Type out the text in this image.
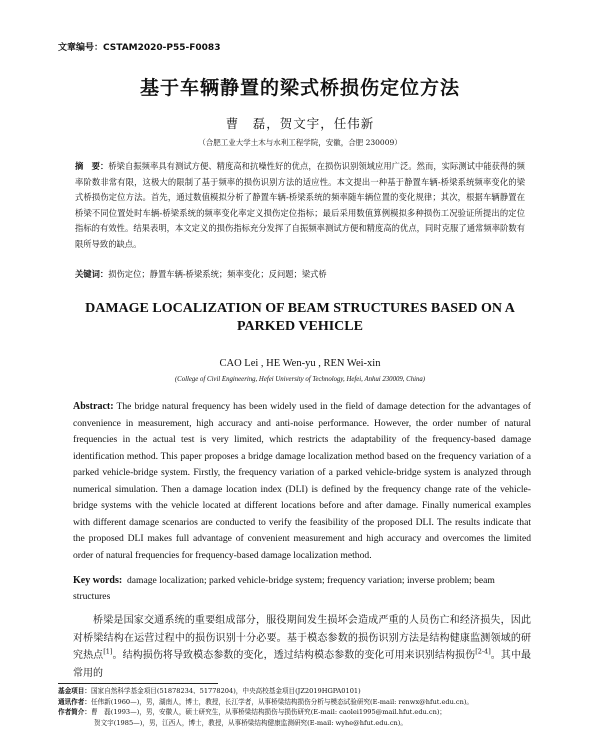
文章编号：CSTAM2020-P55-F0083
基于车辆静置的梁式桥损伤定位方法
曹　磊，贺文宇，任伟新
（合肥工业大学土木与水利工程学院，安徽，合肥 230009）
摘　要：桥梁自振频率具有测试方便、精度高和抗噪性好的优点，在损伤识别领域应用广泛。然而，实际测试中能获得的频率阶数非常有限，这极大的限制了基于频率的损伤识别方法的适应性。本文提出一种基于静置车辆-桥梁系统频率变化的梁式桥损伤定位方法。首先，通过数值模拟分析了静置车辆-桥梁系统的频率随车辆位置的变化规律；其次，根据车辆静置在桥梁不同位置处时车辆-桥梁系统的频率变化率定义损伤定位指标；最后采用数值算例模拟多种损伤工况验证所提出的定位指标的有效性。结果表明，本文定义的损伤指标充分发挥了自振频率测试方便和精度高的优点，同时克服了通常频率阶数有限所导致的缺点。
关键词：损伤定位；静置车辆-桥梁系统；频率变化；反问题；梁式桥
DAMAGE LOCALIZATION OF BEAM STRUCTURES BASED ON A PARKED VEHICLE
CAO Lei , HE Wen-yu , REN Wei-xin
(College of Civil Engineering, Hefei University of Technology, Hefei, Anhui 230009, China)
Abstract: The bridge natural frequency has been widely used in the field of damage detection for the advantages of convenience in measurement, high accuracy and anti-noise performance. However, the order number of natural frequencies in the actual test is very limited, which restricts the adaptability of the frequency-based damage identification method. This paper proposes a bridge damage localization method based on the frequency variation of a parked vehicle-bridge system. Firstly, the frequency variation of a parked vehicle-bridge system is analyzed through numerical simulation. Then a damage location index (DLI) is defined by the frequency change rate of the vehicle-bridge systems with the vehicle located at different locations before and after damage. Finally numerical examples with different damage scenarios are conducted to verify the feasibility of the proposed DLI. The results indicate that the proposed DLI makes full advantage of convenient measurement and high accuracy and overcomes the limited order of natural frequencies for frequency-based damage localization method.
Key words: damage localization; parked vehicle-bridge system; frequency variation; inverse problem; beam structures
桥梁是国家交通系统的重要组成部分，服役期间发生损坏会造成严重的人员伤亡和经济损失，因此对桥梁结构在运营过程中的损伤识别十分必要。基于模态参数的损伤识别方法是结构健康监测领域的研究热点[1]。结构损伤将导致模态参数的变化，透过结构模态参数的变化可用来识别结构损伤[2-4]。其中最常用的
基金项目：国家自然科学基金项目(51878234、51778204)，中央高校基金项目(JZ2019HGPA0101)
通讯作者：任伟新(1960—)，男，湖南人，博士，教授，长江学者，从事桥梁结构损伤分析与模态试验研究(E-mail: renwx@hfut.edu.cn)。
作者简介：曹　磊(1993—)，男，安徽人，硕士研究生，从事桥梁结构损伤与损伤研究(E-mail: caolei1995@mail.hfut.edu.cn)；
贺文宇(1985—)，男，江西人，博士，教授，从事桥梁结构健康监测研究(E-mail: wyhe@hfut.edu.cn)。
